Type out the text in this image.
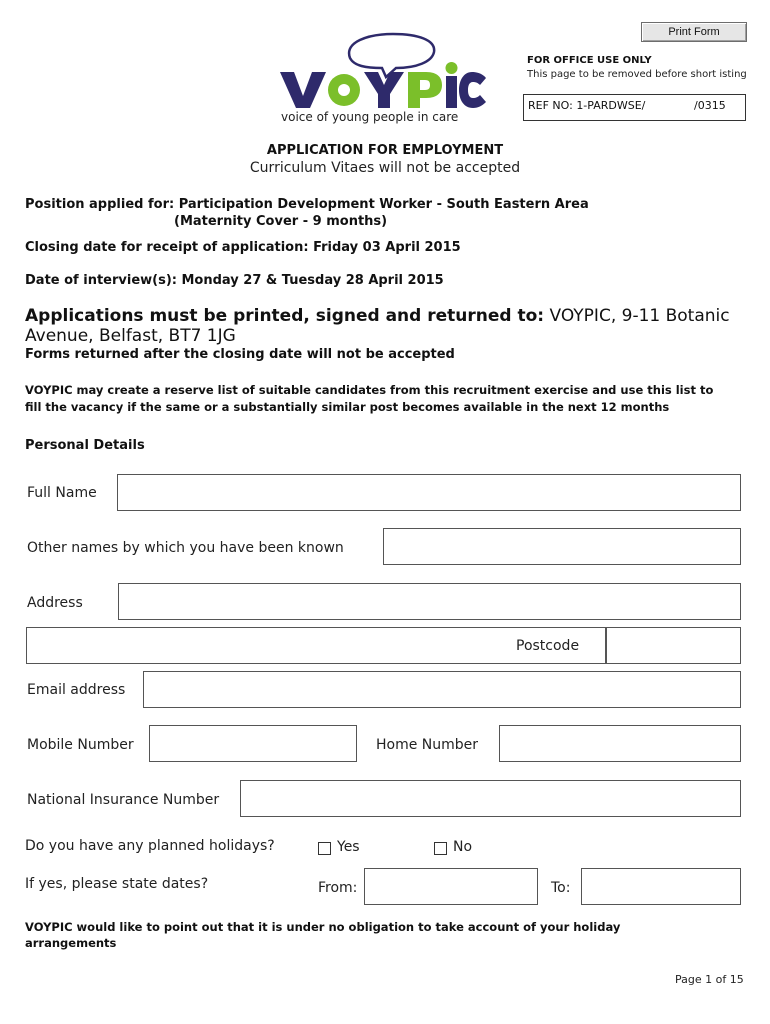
Print Form
voice of young people in care
FOR OFFICE USE ONLY
This page to be removed before short isting
REF NO: 1-PARDWSE/	/0315
APPLICATION FOR EMPLOYMENT
Curriculum Vitaes will not be accepted
Position applied for: Participation Development Worker - South Eastern Area
(Maternity Cover - 9 months)
Closing date for receipt of application: Friday 03 April 2015
Date of interview(s): Monday 27 & Tuesday 28 April 2015
Applications must be printed, signed and returned to: VOYPIC, 9-11 Botanic
Avenue, Belfast, BT7 1JG
Forms returned after the closing date will not be accepted
VOYPIC may create a reserve list of suitable candidates from this recruitment exercise and use this list to
fill the vacancy if the same or a substantially similar post becomes available in the next 12 months
Personal Details
Full Name
Other names by which you have been known
Address
Postcode
Email address
Mobile Number	Home Number
National Insurance Number
Do you have any planned holidays?	Yes	No
If yes, please state dates?	From:	To:
VOYPIC would like to point out that it is under no obligation to take account of your holiday
arrangements
Page 1 of 15
